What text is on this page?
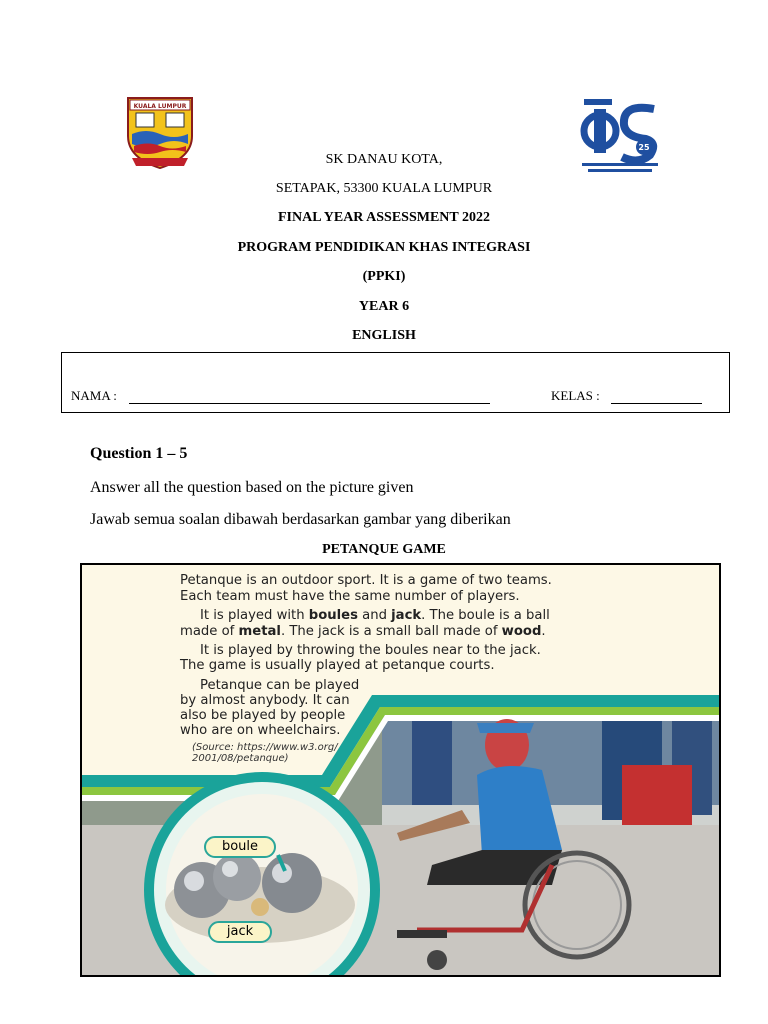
KUALA LUMPUR
25
SK DANAU KOTA,
SETAPAK, 53300 KUALA LUMPUR
FINAL YEAR ASSESSMENT 2022
PROGRAM PENDIDIKAN KHAS INTEGRASI
(PPKI)
YEAR 6
ENGLISH
NAMA :	KELAS :
Question 1 – 5
Answer all the question based on the picture given
Jawab semua soalan dibawah berdasarkan gambar yang diberikan
PETANQUE GAME
Petanque is an outdoor sport. It is a game of two teams.
Each team must have the same number of players.
It is played with boules and jack. The boule is a ball
made of metal. The jack is a small ball made of wood.
It is played by throwing the boules near to the jack.
The game is usually played at petanque courts.
Petanque can be played
by almost anybody. It can
also be played by people
who are on wheelchairs.
(Source: https://www.w3.org/
2001/08/petanque)
boule
jack
